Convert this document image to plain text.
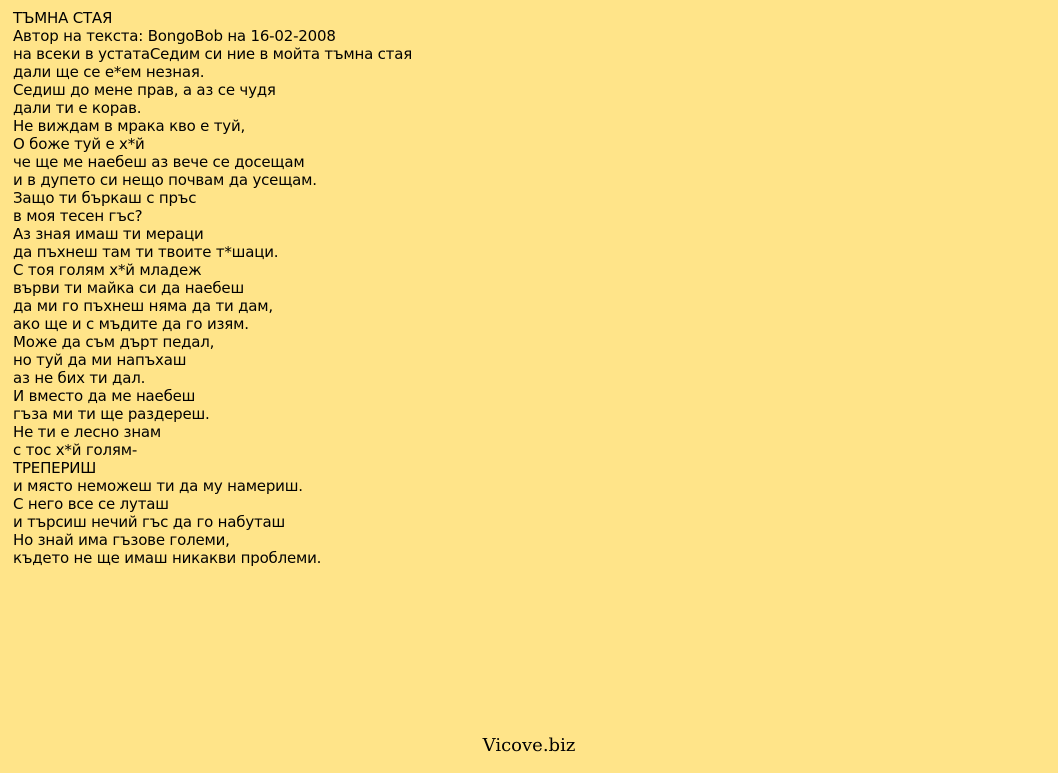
ТЪМНА СТАЯ
Автор на текста: BongoBob на 16-02-2008
на всеки в устатаСедим си ние в мойта тъмна стая
дали ще се е*ем незная.
Седиш до мене прав, а аз се чудя
дали ти е корав.
Не виждам в мрака кво е туй,
О боже туй е х*й
че ще ме наебеш аз вече се досещам
и в дупето си нещо почвам да усещам.
Защо ти бъркаш с пръс
в моя тесен гъс?
Аз зная имаш ти мераци
да пъхнеш там ти твоите т*шаци.
С тоя голям х*й младеж
върви ти майка си да наебеш
да ми го пъхнеш няма да ти дам,
ако ще и с мъдите да го изям.
Може да съм дърт педал,
но туй да ми напъхаш
аз не бих ти дал.
И вместо да ме наебеш
гъза ми ти ще раздереш.
Не ти е лесно знам
с тос х*й голям-
ТРЕПЕРИШ
и място неможеш ти да му намериш.
С него все се луташ
и търсиш нечий гъс да го набуташ
Но знай има гъзове големи,
където не ще имаш никакви проблеми.
Vicove.biz
